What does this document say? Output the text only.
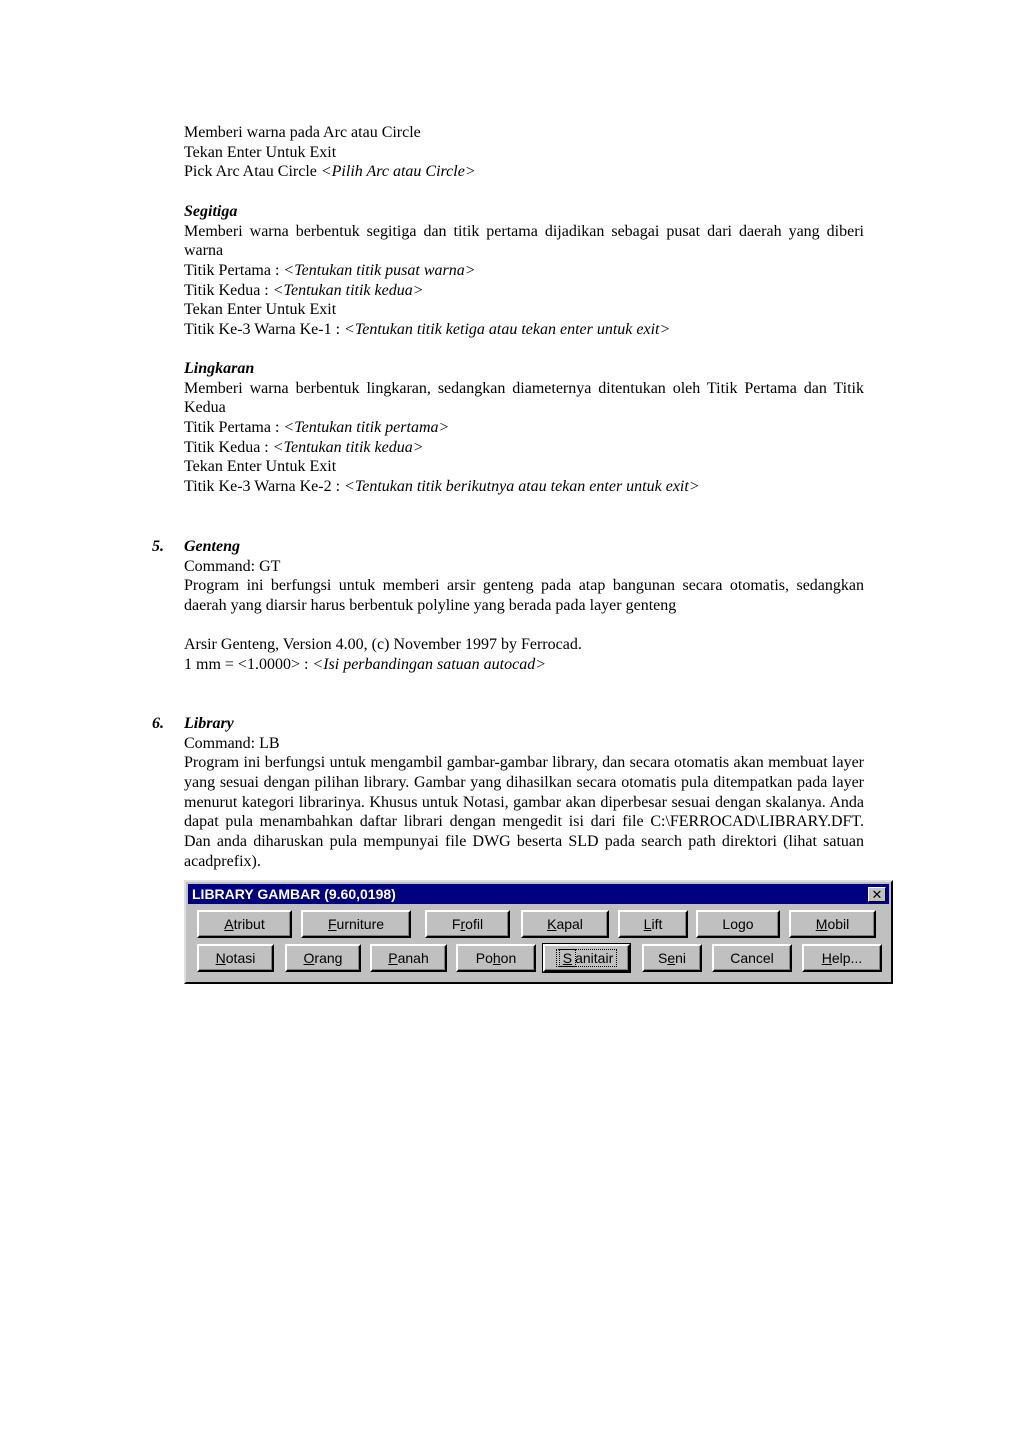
Memberi warna pada Arc atau Circle
Tekan Enter Untuk Exit
Pick Arc Atau Circle <Pilih Arc atau Circle>
Segitiga
Memberi warna berbentuk segitiga dan titik pertama dijadikan sebagai pusat dari daerah yang diberi warna
Titik Pertama : <Tentukan titik pusat warna>
Titik Kedua : <Tentukan titik kedua>
Tekan Enter Untuk Exit
Titik Ke-3 Warna Ke-1 : <Tentukan titik ketiga atau tekan enter untuk exit>
Lingkaran
Memberi warna berbentuk lingkaran, sedangkan diameternya ditentukan oleh Titik Pertama dan Titik Kedua
Titik Pertama : <Tentukan titik pertama>
Titik Kedua : <Tentukan titik kedua>
Tekan Enter Untuk Exit
Titik Ke-3 Warna Ke-2 : <Tentukan titik berikutnya atau tekan enter untuk exit>
5. Genteng
Command: GT
Program ini berfungsi untuk memberi arsir genteng pada atap bangunan secara otomatis, sedangkan daerah yang diarsir harus berbentuk polyline yang berada pada layer genteng
Arsir Genteng, Version 4.00, (c) November 1997 by Ferrocad.
1 mm = <1.0000> : <Isi perbandingan satuan autocad>
6. Library
Command: LB
Program ini berfungsi untuk mengambil gambar-gambar library, dan secara otomatis akan membuat layer yang sesuai dengan pilihan library. Gambar yang dihasilkan secara otomatis pula ditempatkan pada layer menurut kategori librarinya. Khusus untuk Notasi, gambar akan diperbesar sesuai dengan skalanya. Anda dapat pula menambahkan daftar librari dengan mengedit isi dari file C:\FERROCAD\LIBRARY.DFT. Dan anda diharuskan pula mempunyai file DWG beserta SLD pada search path direktori (lihat satuan acadprefix).
LIBRARY GAMBAR (9.60,0198)	✕
Atribut	Furniture	Frofil	Kapal	Lift	Logo	Mobil
Notasi	Orang	Panah	Pohon	S anitair	Seni	Cancel	Help...
